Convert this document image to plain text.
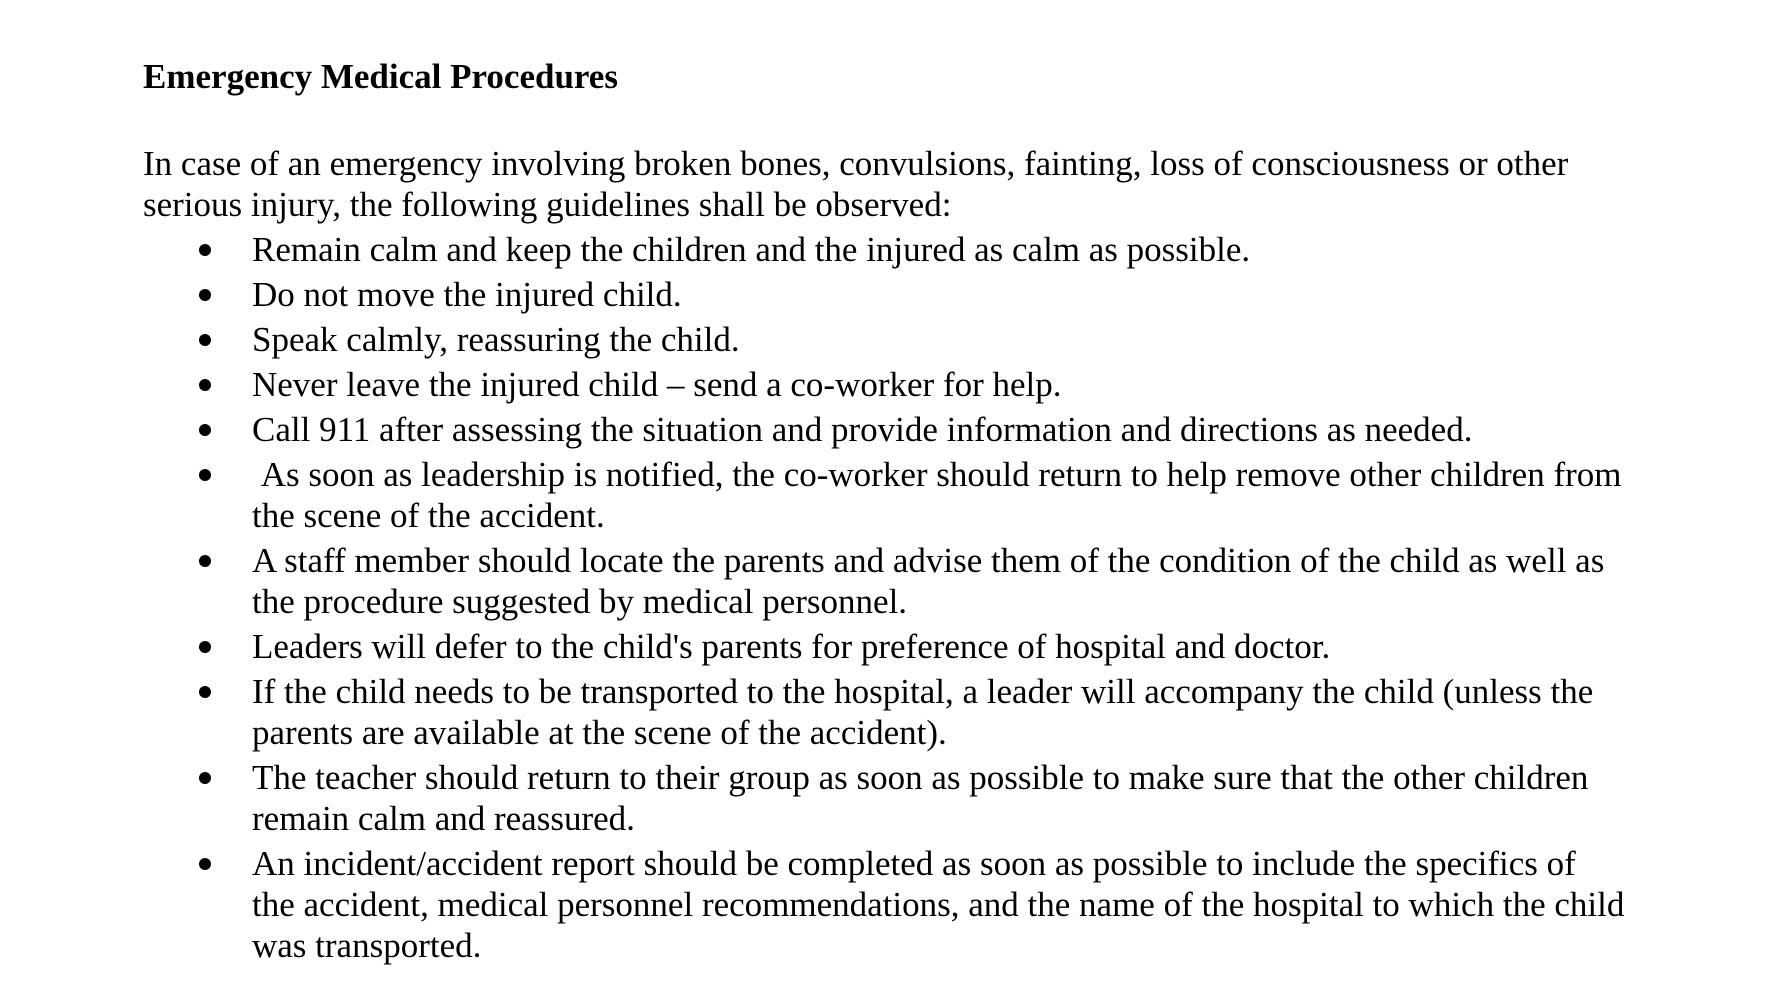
Emergency Medical Procedures

In case of an emergency involving broken bones, convulsions, fainting, loss of consciousness or other serious injury, the following guidelines shall be observed:

Remain calm and keep the children and the injured as calm as possible.
Do not move the injured child.
Speak calmly, reassuring the child.
Never leave the injured child – send a co-worker for help.
Call 911 after assessing the situation and provide information and directions as needed.
As soon as leadership is notified, the co-worker should return to help remove other children from the scene of the accident.
A staff member should locate the parents and advise them of the condition of the child as well as the procedure suggested by medical personnel.
Leaders will defer to the child's parents for preference of hospital and doctor.
If the child needs to be transported to the hospital, a leader will accompany the child (unless the parents are available at the scene of the accident).
The teacher should return to their group as soon as possible to make sure that the other children remain calm and reassured.
An incident/accident report should be completed as soon as possible to include the specifics of the accident, medical personnel recommendations, and the name of the hospital to which the child was transported.
